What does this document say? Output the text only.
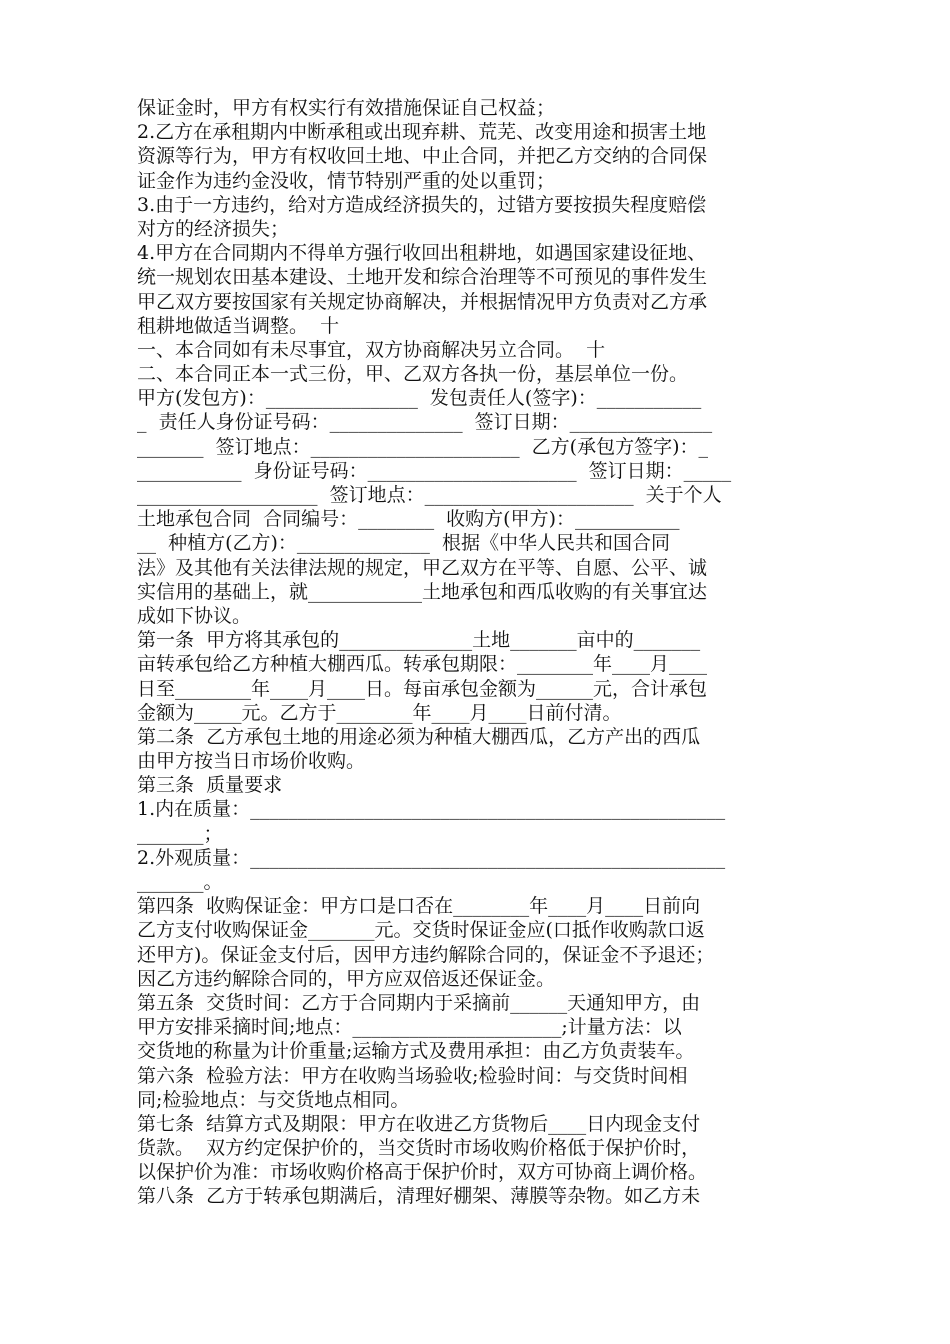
保证金时，甲方有权实行有效措施保证自己权益；
2.乙方在承租期内中断承租或出现弃耕、荒芜、改变用途和损害土地
资源等行为，甲方有权收回土地、中止合同，并把乙方交纳的合同保
证金作为违约金没收，情节特别严重的处以重罚；
3.由于一方违约，给对方造成经济损失的，过错方要按损失程度赔偿
对方的经济损失；
4.甲方在合同期内不得单方强行收回出租耕地，如遇国家建设征地、
统一规划农田基本建设、土地开发和综合治理等不可预见的事件发生
甲乙双方要按国家有关规定协商解决，并根据情况甲方负责对乙方承
租耕地做适当调整。  十
一、本合同如有未尽事宜，双方协商解决另立合同。  十
二、本合同正本一式三份，甲、乙双方各执一份，基层单位一份。
甲方(发包方)：________________  发包责任人(签字)：___________
_  责任人身份证号码：______________  签订日期：_______________
_______  签订地点：______________________  乙方(承包方签字)：_
___________  身份证号码：______________________  签订日期：_____
___________________  签订地点：______________________  关于个人
土地承包合同  合同编号：________  收购方(甲方)：___________
__  种植方(乙方)：______________  根据《中华人民共和国合同
法》及其他有关法律法规的规定，甲乙双方在平等、自愿、公平、诚
实信用的基础上，就____________土地承包和西瓜收购的有关事宜达
成如下协议。
第一条  甲方将其承包的______________土地_______亩中的_______
亩转承包给乙方种植大棚西瓜。转承包期限：________年____月____
日至________年____月____日。每亩承包金额为______元，合计承包
金额为_____元。乙方于________年____月____日前付清。
第二条  乙方承包土地的用途必须为种植大棚西瓜，乙方产出的西瓜
由甲方按当日市场价收购。
第三条  质量要求
1.内在质量：__________________________________________________
_______；
2.外观质量：__________________________________________________
_______。
第四条  收购保证金：甲方口是口否在________年____月____日前向
乙方支付收购保证金_______元。交货时保证金应(口抵作收购款口返
还甲方)。保证金支付后，因甲方违约解除合同的，保证金不予退还；
因乙方违约解除合同的，甲方应双倍返还保证金。
第五条  交货时间：乙方于合同期内于采摘前______天通知甲方，由
甲方安排采摘时间;地点：______________________;计量方法：以
交货地的称量为计价重量;运输方式及费用承担：由乙方负责装车。
第六条  检验方法：甲方在收购当场验收;检验时间：与交货时间相
同;检验地点：与交货地点相同。
第七条  结算方式及期限：甲方在收进乙方货物后____日内现金支付
货款。  双方约定保护价的，当交货时市场收购价格低于保护价时，
以保护价为准：市场收购价格高于保护价时，双方可协商上调价格。
第八条  乙方于转承包期满后，清理好棚架、薄膜等杂物。如乙方未
